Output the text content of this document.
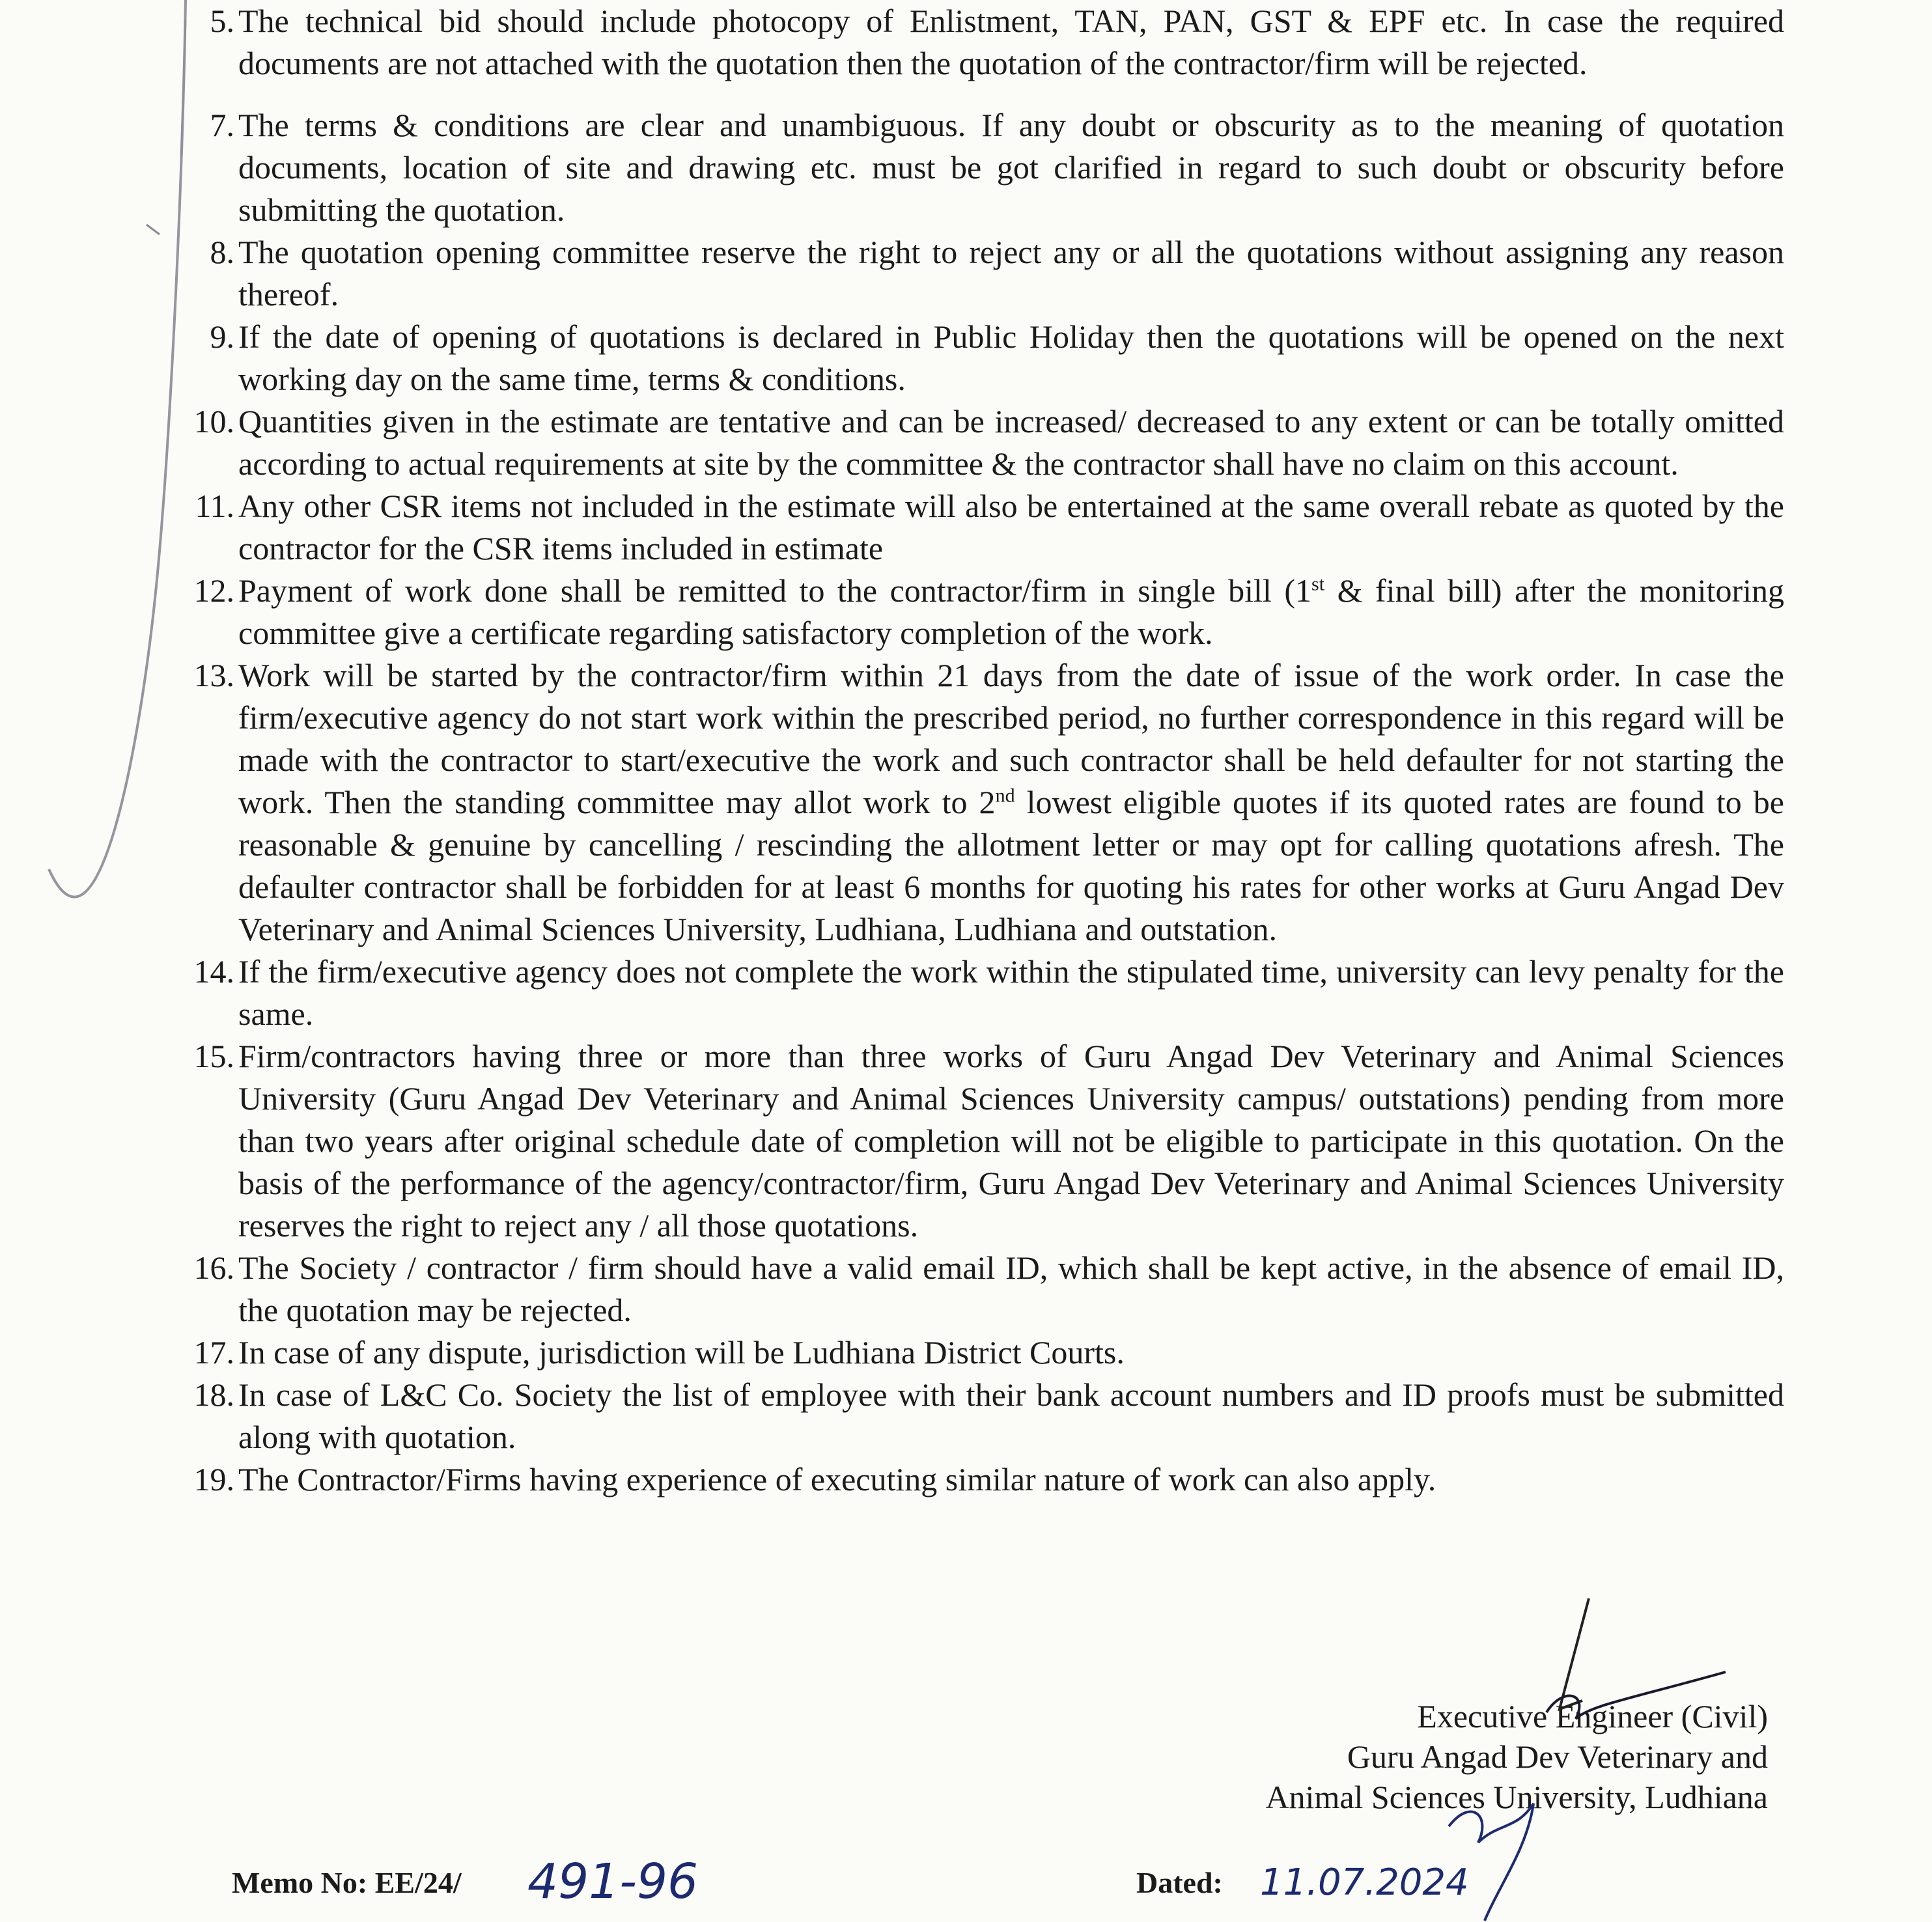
5. The technical bid should include photocopy of Enlistment, TAN, PAN, GST & EPF etc. In case the required documents are not attached with the quotation then the quotation of the contractor/firm will be rejected.
7. The terms & conditions are clear and unambiguous. If any doubt or obscurity as to the meaning of quotation documents, location of site and drawing etc. must be got clarified in regard to such doubt or obscurity before submitting the quotation.
8. The quotation opening committee reserve the right to reject any or all the quotations without assigning any reason thereof.
9. If the date of opening of quotations is declared in Public Holiday then the quotations will be opened on the next working day on the same time, terms & conditions.
10. Quantities given in the estimate are tentative and can be increased/ decreased to any extent or can be totally omitted according to actual requirements at site by the committee & the contractor shall have no claim on this account.
11. Any other CSR items not included in the estimate will also be entertained at the same overall rebate as quoted by the contractor for the CSR items included in estimate
12. Payment of work done shall be remitted to the contractor/firm in single bill (1st & final bill) after the monitoring committee give a certificate regarding satisfactory completion of the work.
13. Work will be started by the contractor/firm within 21 days from the date of issue of the work order. In case the firm/executive agency do not start work within the prescribed period, no further correspondence in this regard will be made with the contractor to start/executive the work and such contractor shall be held defaulter for not starting the work. Then the standing committee may allot work to 2nd lowest eligible quotes if its quoted rates are found to be reasonable & genuine by cancelling / rescinding the allotment letter or may opt for calling quotations afresh. The defaulter contractor shall be forbidden for at least 6 months for quoting his rates for other works at Guru Angad Dev Veterinary and Animal Sciences University, Ludhiana, Ludhiana and outstation.
14. If the firm/executive agency does not complete the work within the stipulated time, university can levy penalty for the same.
15. Firm/contractors having three or more than three works of Guru Angad Dev Veterinary and Animal Sciences University (Guru Angad Dev Veterinary and Animal Sciences University campus/ outstations) pending from more than two years after original schedule date of completion will not be eligible to participate in this quotation. On the basis of the performance of the agency/contractor/firm, Guru Angad Dev Veterinary and Animal Sciences University reserves the right to reject any / all those quotations.
16. The Society / contractor / firm should have a valid email ID, which shall be kept active, in the absence of email ID, the quotation may be rejected.
17. In case of any dispute, jurisdiction will be Ludhiana District Courts.
18. In case of L&C Co. Society the list of employee with their bank account numbers and ID proofs must be submitted along with quotation.
19. The Contractor/Firms having experience of executing similar nature of work can also apply.
Executive Engineer (Civil)
Guru Angad Dev Veterinary and
Animal Sciences University, Ludhiana
Memo No: EE/24/ 491-96	Dated: 11.07.2024
